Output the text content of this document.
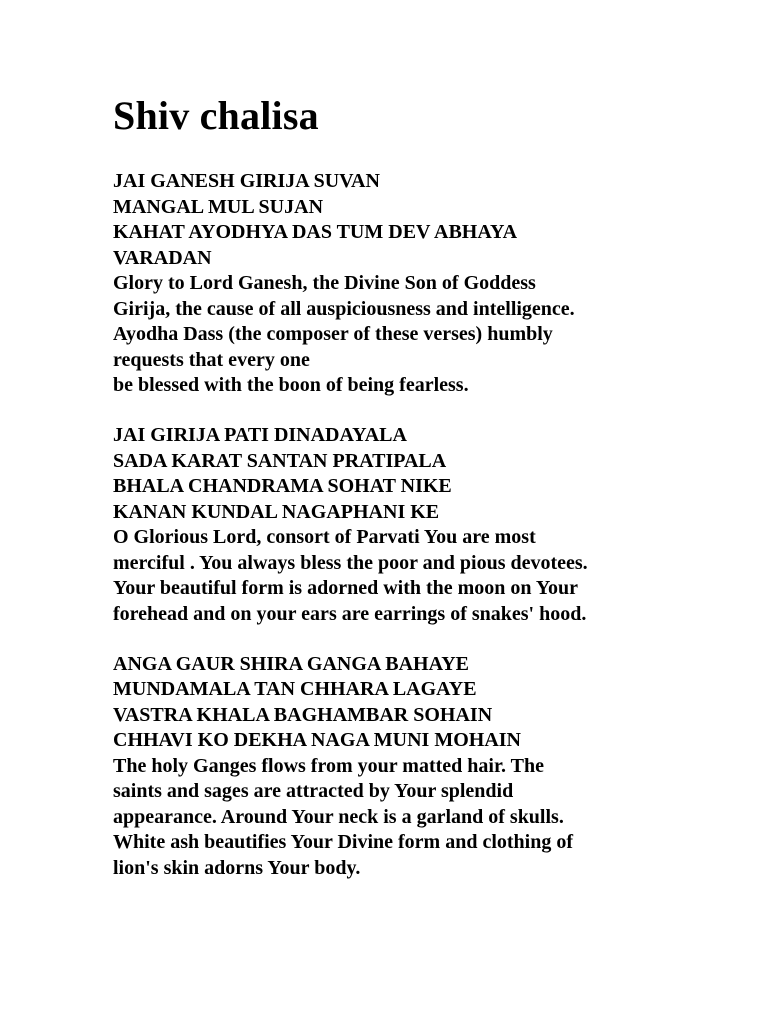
Shiv chalisa
JAI GANESH GIRIJA SUVAN
MANGAL MUL SUJAN
KAHAT AYODHYA DAS TUM DEV ABHAYA
VARADAN
Glory to Lord Ganesh, the Divine Son of Goddess
Girija, the cause of all auspiciousness and intelligence.
Ayodha Dass (the composer of these verses) humbly
requests that every one
be blessed with the boon of being fearless.
JAI GIRIJA PATI DINADAYALA
SADA KARAT SANTAN PRATIPALA
BHALA CHANDRAMA SOHAT NIKE
KANAN KUNDAL NAGAPHANI KE
O Glorious Lord, consort of Parvati You are most
merciful . You always bless the poor and pious devotees.
Your beautiful form is adorned with the moon on Your
forehead and on your ears are earrings of snakes' hood.
ANGA GAUR SHIRA GANGA BAHAYE
MUNDAMALA TAN CHHARA LAGAYE
VASTRA KHALA BAGHAMBAR SOHAIN
CHHAVI KO DEKHA NAGA MUNI MOHAIN
The holy Ganges flows from your matted hair. The
saints and sages are attracted by Your splendid
appearance. Around Your neck is a garland of skulls.
White ash beautifies Your Divine form and clothing of
lion's skin adorns Your body.
